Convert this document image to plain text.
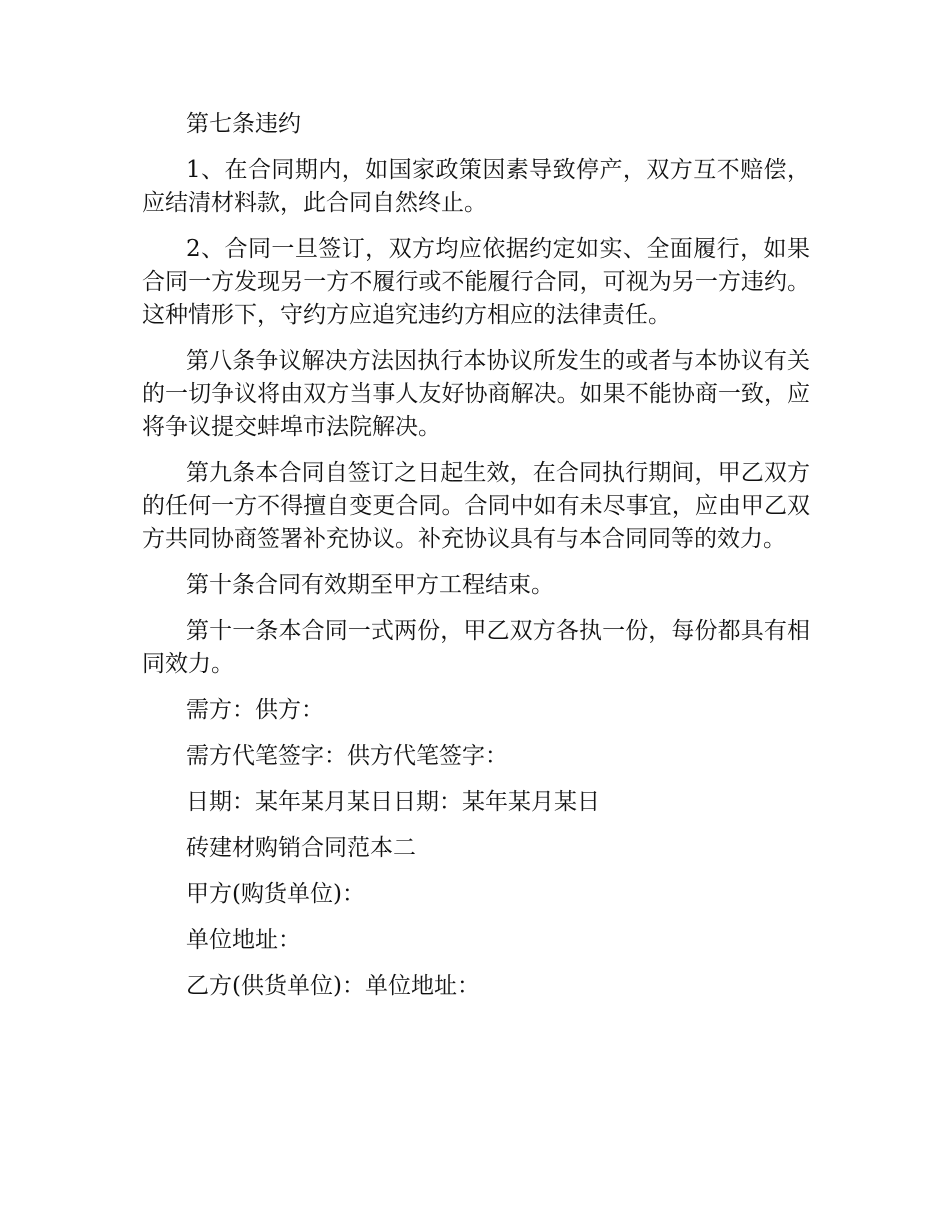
第七条违约

1、在合同期内，如国家政策因素导致停产，双方互不赔偿，应结清材料款，此合同自然终止。

2、合同一旦签订，双方均应依据约定如实、全面履行，如果合同一方发现另一方不履行或不能履行合同，可视为另一方违约。这种情形下，守约方应追究违约方相应的法律责任。

第八条争议解决方法因执行本协议所发生的或者与本协议有关的一切争议将由双方当事人友好协商解决。如果不能协商一致，应将争议提交蚌埠市法院解决。

第九条本合同自签订之日起生效，在合同执行期间，甲乙双方的任何一方不得擅自变更合同。合同中如有未尽事宜，应由甲乙双方共同协商签署补充协议。补充协议具有与本合同同等的效力。

第十条合同有效期至甲方工程结束。

第十一条本合同一式两份，甲乙双方各执一份，每份都具有相同效力。

需方：供方：

需方代笔签字：供方代笔签字：

日期：某年某月某日日期：某年某月某日

砖建材购销合同范本二

甲方(购货单位)：

单位地址：

乙方(供货单位)：单位地址：
